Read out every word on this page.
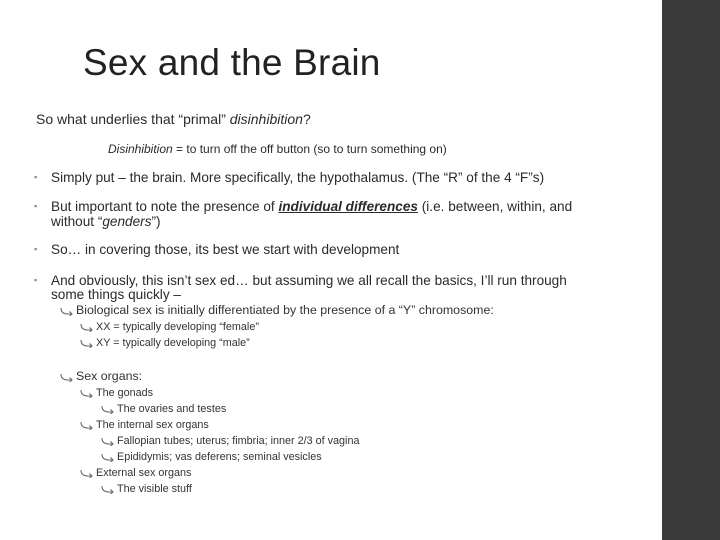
Sex and the Brain
So what underlies that “primal” disinhibition?
Disinhibition = to turn off the off button (so to turn something on)
▪ Simply put – the brain. More specifically, the hypothalamus. (The “R” of the 4 “F”s)
▪ But important to note the presence of individual differences (i.e. between, within, and
without “genders”)
▪ So… in covering those, its best we start with development
▪ And obviously, this isn’t sex ed… but assuming we all recall the basics, I’ll run through
some things quickly –
Biological sex is initially differentiated by the presence of a “Y” chromosome:
XX = typically developing “female”
XY = typically developing “male”
Sex organs:
The gonads
The ovaries and testes
The internal sex organs
Fallopian tubes; uterus; fimbria; inner 2/3 of vagina
Epididymis; vas deferens; seminal vesicles
External sex organs
The visible stuff
